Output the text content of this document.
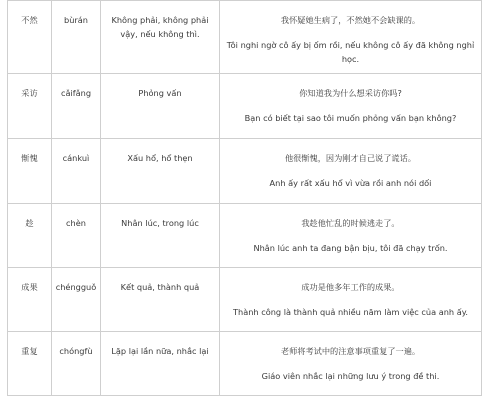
不然	bùrán	Không phải, không phải vậy, nếu không thì.	我怀疑她生病了，不然她不会缺课的。
Tôi nghi ngờ cô ấy bị ốm rồi, nếu không cô ấy đã không nghỉ học.

采访	cǎifǎng	Phỏng vấn	你知道我为什么想采访你吗?
Bạn có biết tại sao tôi muốn phỏng vấn bạn không?

惭愧	cánkuì	Xấu hổ, hổ thẹn	他很惭愧，因为刚才自己说了谎话。
Anh ấy rất xấu hổ vì vừa rồi anh nói dối

趁	chèn	Nhân lúc, trong lúc	我趁他忙乱的时候逃走了。
Nhân lúc anh ta đang bận bịu, tôi đã chạy trốn.

成果	chéngguǒ	Kết quả, thành quả	成功是他多年工作的成果。
Thành công là thành quả nhiều năm làm việc của anh ấy.

重复	chóngfù	Lặp lại lần nữa, nhắc lại	老师将考试中的注意事项重复了一遍。
Giáo viên nhắc lại những lưu ý trong đề thi.
